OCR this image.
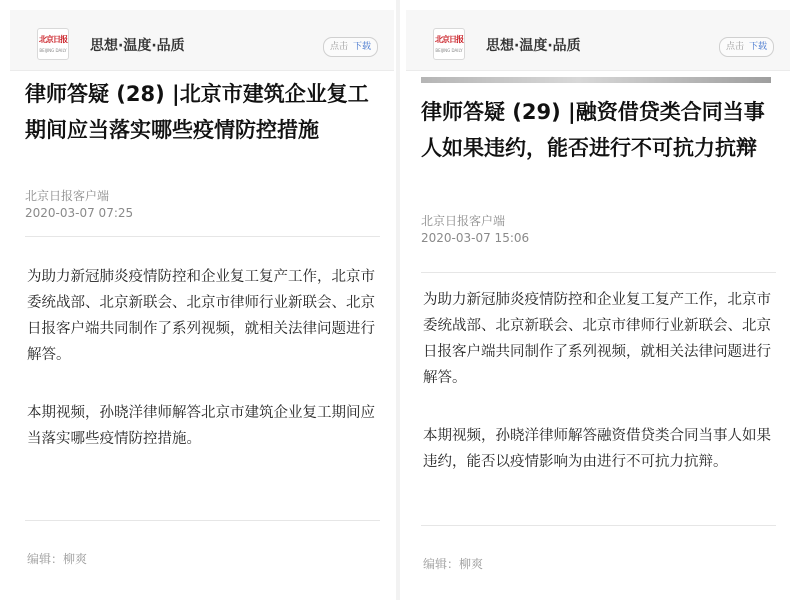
北京日报
BEIJING DAILY 思想·温度·品质	点击 下载
律师答疑 (28) |北京市建筑企业复工期间应当落实哪些疫情防控措施
北京日报客户端
2020-03-07 07:25

为助力新冠肺炎疫情防控和企业复工复产工作，北京市委统战部、北京新联会、北京市律师行业新联会、北京日报客户端共同制作了系列视频，就相关法律问题进行解答。

本期视频，孙晓洋律师解答北京市建筑企业复工期间应当落实哪些疫情防控措施。

编辑：柳爽
北京日报
BEIJING DAILY 思想·温度·品质	点击 下载
律师答疑 (29) |融资借贷类合同当事人如果违约，能否进行不可抗力抗辩
北京日报客户端
2020-03-07 15:06

为助力新冠肺炎疫情防控和企业复工复产工作，北京市委统战部、北京新联会、北京市律师行业新联会、北京日报客户端共同制作了系列视频，就相关法律问题进行解答。

本期视频，孙晓洋律师解答融资借贷类合同当事人如果违约，能否以疫情影响为由进行不可抗力抗辩。

编辑：柳爽
